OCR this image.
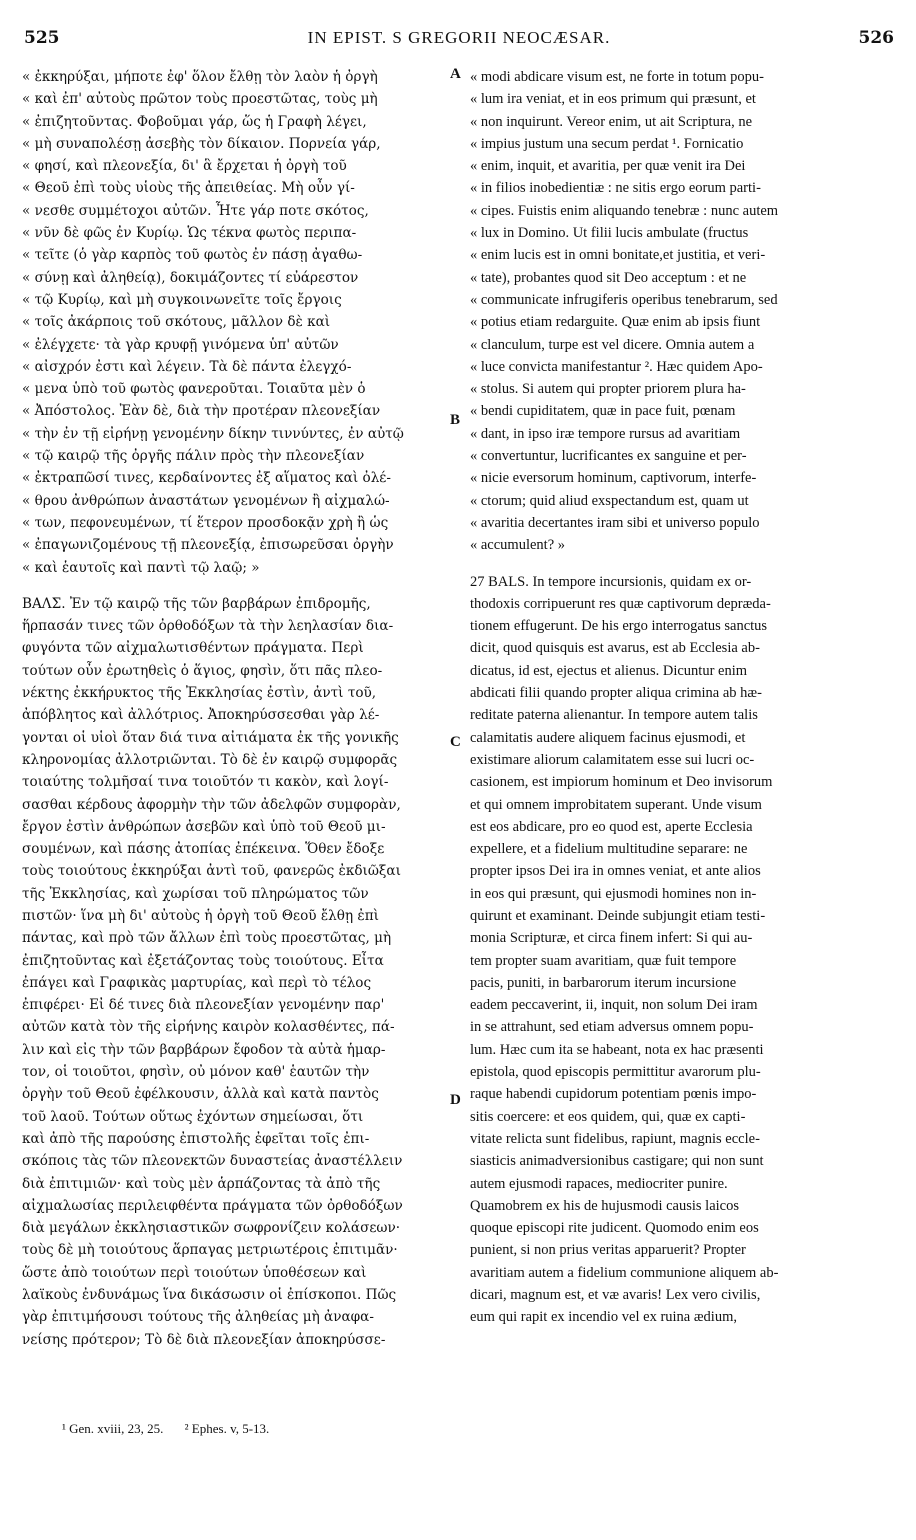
525	IN EPIST. S GREGORII NEOCÆSAR.	526
« ἐκκηρύξαι, μήποτε ἐφ' ὅλον ἔλθῃ τὸν λαὸν ἡ ὀργὴ
« καὶ ἐπ' αὐτοὺς πρῶτον τοὺς προεστῶτας, τοὺς μὴ
« ἐπιζητοῦντας. Φοβοῦμαι γάρ, ὥς ἡ Γραφὴ λέγει,
« μὴ συναπολέσῃ ἀσεβὴς τὸν δίκαιον. Πορνεία γάρ,
« φησί, καὶ πλεονεξία, δι' ἃ ἔρχεται ἡ ὀργὴ τοῦ
« Θεοῦ ἐπὶ τοὺς υἱοὺς τῆς ἀπειθείας. Μὴ οὖν γί-
« νεσθε συμμέτοχοι αὐτῶν. Ἦτε γάρ ποτε σκότος,
« νῦν δὲ φῶς ἐν Κυρίῳ. Ὡς τέκνα φωτὸς περιπα-
« τεῖτε (ὁ γὰρ καρπὸς τοῦ φωτὸς ἐν πάσῃ ἀγαθω-
« σύνῃ καὶ ἀληθείᾳ), δοκιμάζοντες τί εὐάρεστον
« τῷ Κυρίῳ, καὶ μὴ συγκοινωνεῖτε τοῖς ἔργοις
« τοῖς ἀκάρποις τοῦ σκότους, μᾶλλον δὲ καὶ
« ἐλέγχετε· τὰ γὰρ κρυφῇ γινόμενα ὑπ' αὐτῶν
« αἰσχρόν ἐστι καὶ λέγειν. Τὰ δὲ πάντα ἐλεγχό-
« μενα ὑπὸ τοῦ φωτὸς φανεροῦται. Τοιαῦτα μὲν ὁ
« Ἀπόστολος. Ἐὰν δὲ, διὰ τὴν προτέραν πλεονεξίαν
« τὴν ἐν τῇ εἰρήνῃ γενομένην δίκην τιννύντες, ἐν αὐτῷ
« τῷ καιρῷ τῆς ὀργῆς πάλιν πρὸς τὴν πλεονεξίαν
« ἐκτραπῶσί τινες, κερδαίνοντες ἐξ αἵματος καὶ ὀλέ-
« θρου ἀνθρώπων ἀναστάτων γενομένων ἢ αἰχμαλώ-
« των, πεφονευμένων, τί ἕτερον προσδοκᾷν χρὴ ἢ ὡς
« ἐπαγωνιζομένους τῇ πλεονεξίᾳ, ἐπισωρεῦσαι ὀργὴν
« καὶ ἑαυτοῖς καὶ παντὶ τῷ λαῷ; »
ΒΑΛΣ. Ἐν τῷ καιρῷ τῆς τῶν βαρβάρων ἐπιδρομῆς,
ἥρπασάν τινες τῶν ὀρθοδόξων τὰ τὴν λεηλασίαν δια-
φυγόντα τῶν αἰχμαλωτισθέντων πράγματα. Περὶ
τούτων οὖν ἐρωτηθεὶς ὁ ἅγιος, φησὶν, ὅτι πᾶς πλεο-
νέκτης ἐκκήρυκτος τῆς Ἐκκλησίας ἐστὶν, ἀντὶ τοῦ,
ἀπόβλητος καὶ ἀλλότριος. Ἀποκηρύσσεσθαι γὰρ λέ-
γονται οἱ υἱοὶ ὅταν διά τινα αἰτιάματα ἐκ τῆς γονικῆς
κληρονομίας ἀλλοτριῶνται. Τὸ δὲ ἐν καιρῷ συμφορᾶς
τοιαύτης τολμῆσαί τινα τοιοῦτόν τι κακὸν, καὶ λογί-
σασθαι κέρδους ἀφορμὴν τὴν τῶν ἀδελφῶν συμφορὰν,
ἔργον ἐστὶν ἀνθρώπων ἀσεβῶν καὶ ὑπὸ τοῦ Θεοῦ μι-
σουμένων, καὶ πάσης ἀτοπίας ἐπέκεινα. Ὅθεν ἔδοξε
τοὺς τοιούτους ἐκκηρύξαι ἀντὶ τοῦ, φανερῶς ἐκδιῶξαι
τῆς Ἐκκλησίας, καὶ χωρίσαι τοῦ πληρώματος τῶν
πιστῶν· ἵνα μὴ δι' αὐτοὺς ἡ ὀργὴ τοῦ Θεοῦ ἔλθῃ ἐπὶ
πάντας, καὶ πρὸ τῶν ἄλλων ἐπὶ τοὺς προεστῶτας, μὴ
ἐπιζητοῦντας καὶ ἐξετάζοντας τοὺς τοιούτους. Εἶτα
ἐπάγει καὶ Γραφικὰς μαρτυρίας, καὶ περὶ τὸ τέλος
ἐπιφέρει· Εἰ δέ τινες διὰ πλεονεξίαν γενομένην παρ'
αὐτῶν κατὰ τὸν τῆς εἰρήνης καιρὸν κολασθέντες, πά-
λιν καὶ εἰς τὴν τῶν βαρβάρων ἔφοδον τὰ αὐτὰ ἡμαρ-
τον, οἱ τοιοῦτοι, φησὶν, οὐ μόνον καθ' ἑαυτῶν τὴν
ὀργὴν τοῦ Θεοῦ ἐφέλκουσιν, ἀλλὰ καὶ κατὰ παντὸς
τοῦ λαοῦ. Τούτων οὕτως ἐχόντων σημείωσαι, ὅτι
καὶ ἀπὸ τῆς παρούσης ἐπιστολῆς ἐφεῖται τοῖς ἐπι-
σκόποις τὰς τῶν πλεονεκτῶν δυναστείας ἀναστέλλειν
διὰ ἐπιτιμιῶν· καὶ τοὺς μὲν ἁρπάζοντας τὰ ἀπὸ τῆς
αἰχμαλωσίας περιλειφθέντα πράγματα τῶν ὀρθοδόξων
διὰ μεγάλων ἐκκλησιαστικῶν σωφρονίζειν κολάσεων·
τοὺς δὲ μὴ τοιούτους ἅρπαγας μετριωτέροις ἐπιτιμᾶν·
ὥστε ἀπὸ τοιούτων περὶ τοιούτων ὑποθέσεων καὶ
λαϊκοὺς ἐνδυνάμως ἵνα δικάσωσιν οἱ ἐπίσκοποι. Πῶς
γὰρ ἐπιτιμήσουσι τούτους τῆς ἀληθείας μὴ ἀναφα-
νείσης πρότερον; Τὸ δὲ διὰ πλεονεξίαν ἀποκηρύσσε-
« modi abdicare visum est, ne forte in totum popu-
« lum ira veniat, et in eos primum qui præsunt, et
« non inquirunt. Vereor enim, ut ait Scriptura, ne
« impius justum una secum perdat ¹. Fornicatio
« enim, inquit, et avaritia, per quæ venit ira Dei
« in filios inobedientiæ : ne sitis ergo eorum parti-
« cipes. Fuistis enim aliquando tenebræ : nunc autem
« lux in Domino. Ut filii lucis ambulate (fructus
« enim lucis est in omni bonitate,et justitia, et veri-
« tate), probantes quod sit Deo acceptum : et ne
« communicate infrugiferis operibus tenebrarum, sed
« potius etiam redarguite. Quæ enim ab ipsis fiunt
« clanculum, turpe est vel dicere. Omnia autem a
« luce convicta manifestantur ². Hæc quidem Apo-
« stolus. Si autem qui propter priorem plura ha-
« bendi cupiditatem, quæ in pace fuit, pœnam
« dant, in ipso iræ tempore rursus ad avaritiam
« convertuntur, lucrificantes ex sanguine et per-
« nicie eversorum hominum, captivorum, interfe-
« ctorum; quid aliud exspectandum est, quam ut
« avaritia decertantes iram sibi et universo populo
« accumulent? »
27 BALS. In tempore incursionis, quidam ex or-
thodoxis corripuerunt res quæ captivorum deprædа-
tionem effugerunt. De his ergo interrogatus sanctus
dicit, quod quisquis est avarus, est ab Ecclesia ab-
dicatus, id est, ejectus et alienus. Dicuntur enim
abdicati filii quando propter aliqua crimina ab hæ-
reditate paterna alienantur. In tempore autem talis
calamitatis audere aliquem facinus ejusmodi, et
existimare aliorum calamitatem esse sui lucri oc-
casionem, est impiorum hominum et Deo invisorum
et qui omnem improbitatem superant. Unde visum
est eos abdicare, pro eo quod est, aperte Ecclesia
expellere, et a fidelium multitudine separare: ne
propter ipsos Dei ira in omnes veniat, et ante alios
in eos qui præsunt, qui ejusmodi homines non in-
quirunt et examinant. Deinde subjungit etiam testi-
monia Scripturæ, et circa finem infert: Si qui au-
tem propter suam avaritiam, quæ fuit tempore
pacis, puniti, in barbarorum iterum incursione
eadem peccaverint, ii, inquit, non solum Dei iram
in se attrahunt, sed etiam adversus omnem popu-
lum. Hæc cum ita se habeant, nota ex hac præsenti
epistola, quod episcopis permittitur avarorum plu-
raque habendi cupidorum potentiam pœnis impo-
sitis coercere: et eos quidem, qui, quæ ex capti-
vitate relicta sunt fidelibus, rapiunt, magnis eccle-
siasticis animadversionibus castigare; qui non sunt
autem ejusmodi rapaces, mediocriter punire.
Quamobrem ex his de hujusmodi causis laicos
quoque episcopi rite judicent. Quomodo enim eos
punient, si non prius veritas apparuerit? Propter
avaritiam autem a fidelium communione aliquem ab-
dicari, magnum est, et væ avaris! Lex vero civilis,
eum qui rapit ex incendio vel ex ruina ædium,
A
B
C
D
¹ Gen. xviii, 23, 25. ² Ephes. v, 5-13.
